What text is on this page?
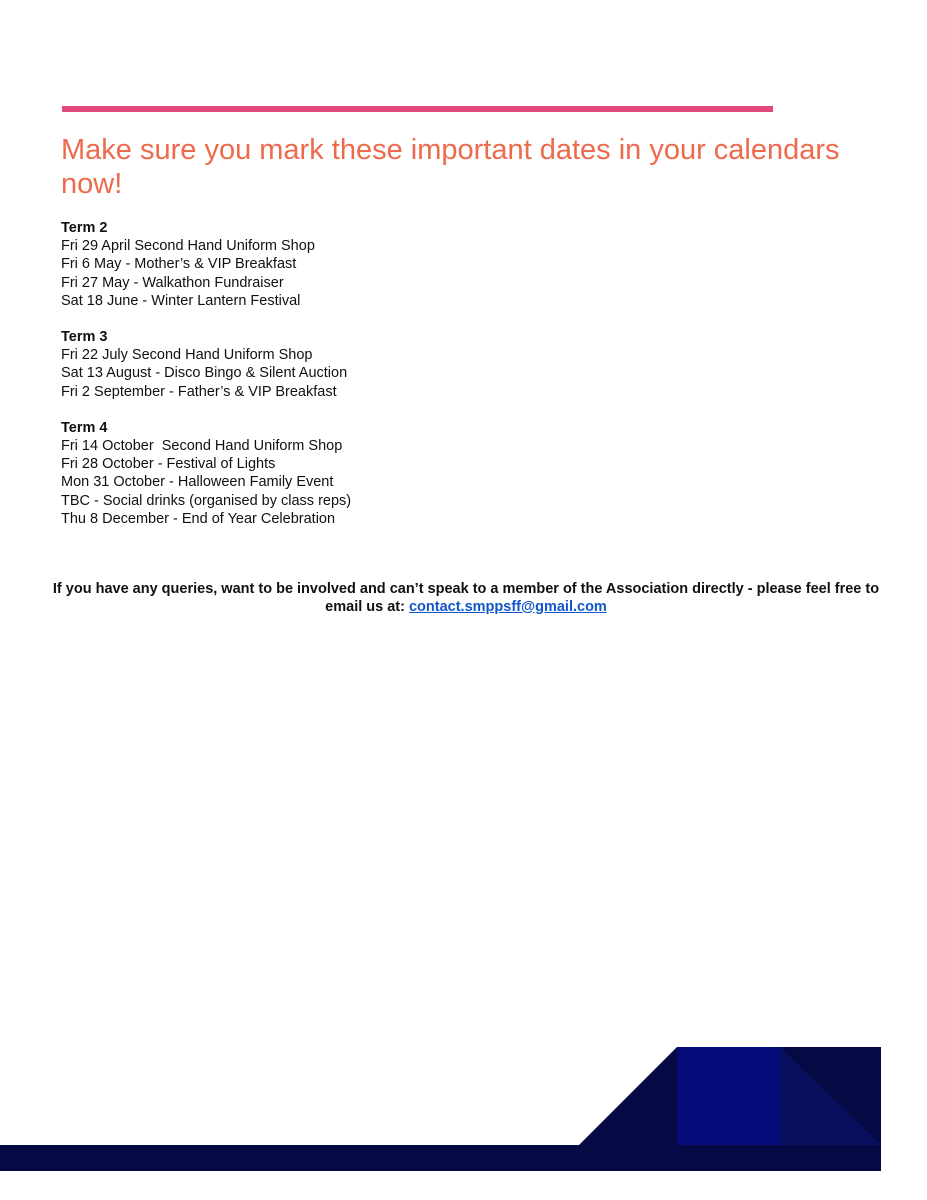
Make sure you mark these important dates in your calendars now!
Term 2
Fri 29 April Second Hand Uniform Shop
Fri 6 May - Mother’s & VIP Breakfast
Fri 27 May - Walkathon Fundraiser
Sat 18 June - Winter Lantern Festival
Term 3
Fri 22 July Second Hand Uniform Shop
Sat 13 August - Disco Bingo & Silent Auction
Fri 2 September - Father’s & VIP Breakfast
Term 4
Fri 14 October  Second Hand Uniform Shop
Fri 28 October - Festival of Lights
Mon 31 October - Halloween Family Event
TBC - Social drinks (organised by class reps)
Thu 8 December - End of Year Celebration

If you have any queries, want to be involved and can’t speak to a member of the Association directly - please feel free to email us at: contact.smppsff@gmail.com
